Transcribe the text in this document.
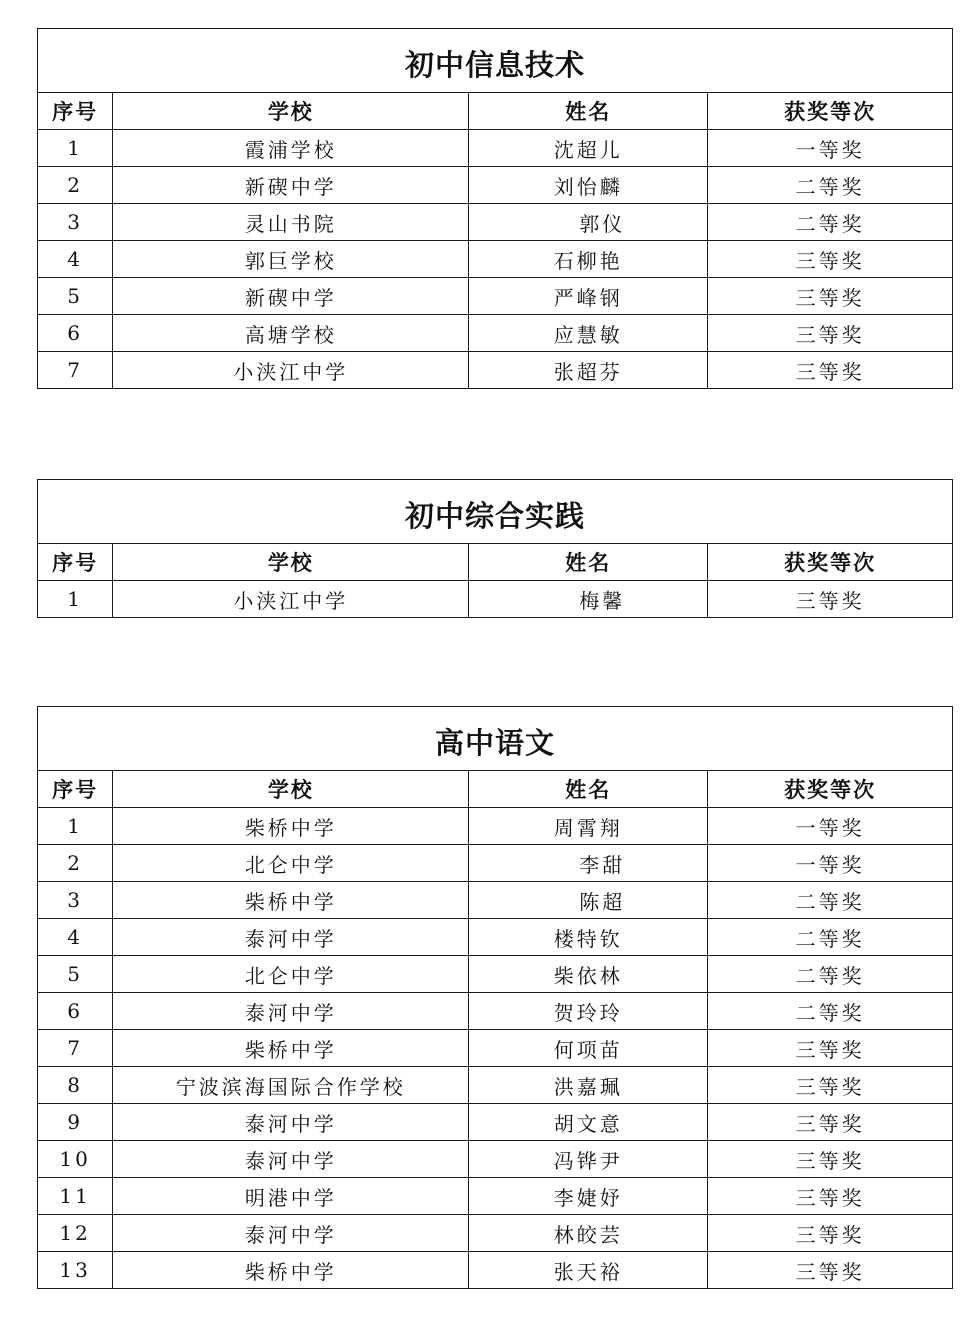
初中信息技术			
序号	学校	姓名	获奖等次
1	霞浦学校	沈超儿	一等奖
2	新碶中学	刘怡麟	二等奖
3	灵山书院	郭仪	二等奖
4	郭巨学校	石柳艳	三等奖
5	新碶中学	严峰钢	三等奖
6	高塘学校	应慧敏	三等奖
7	小浃江中学	张超芬	三等奖
初中综合实践			
序号	学校	姓名	获奖等次
1	小浃江中学	梅馨	三等奖
高中语文			
序号	学校	姓名	获奖等次
1	柴桥中学	周霄翔	一等奖
2	北仑中学	李甜	一等奖
3	柴桥中学	陈超	二等奖
4	泰河中学	楼特钦	二等奖
5	北仑中学	柴依林	二等奖
6	泰河中学	贺玲玲	二等奖
7	柴桥中学	何项苗	三等奖
8	宁波滨海国际合作学校	洪嘉珮	三等奖
9	泰河中学	胡文意	三等奖
10	泰河中学	冯铧尹	三等奖
11	明港中学	李婕妤	三等奖
12	泰河中学	林皎芸	三等奖
13	柴桥中学	张天裕	三等奖
